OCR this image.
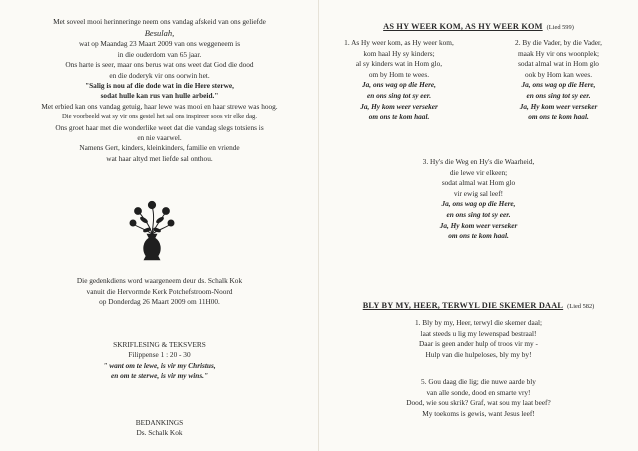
Met soveel mooi herinneringe neem ons vandag afskeid van ons geliefde
Besulah,
wat op Maandag 23 Maart 2009 van ons weggeneem is
in die ouderdom van 65 jaar.
Ons harte is seer, maar ons berus wat ons weet dat God die dood
en die doderyk vir ons oorwin het.
"Salig is nou af die dode wat in die Here sterwe,
sodat hulle kan rus van hulle arbeid."
Met erbied kan ons vandag getuig, haar lewe was mooi en haar strewe was hoog.
Die voorbeeld wat sy vir ons gestel het sal ons inspireer soos vir elke dag.
Ons groet haar met die wonderlike weet dat die vandag slegs totsiens is
en nie vaarwel.
Namens Gert, kinders, kleinkinders, familie en vriende
wat haar altyd met liefde sal onthou.
Die gedenkdiens word waargeneem deur ds. Schalk Kok
vanuit die Hervormde Kerk Potchefstroom-Noord
op Donderdag 26 Maart 2009 om 11H00.
SKRIFLESING & TEKSVERS
Filippense 1 : 20 - 30
" want om te lewe, is vir my Christus,
en om te sterwe, is vir my wins."
BEDANKINGS
Ds. Schalk Kok
AS HY WEER KOM, AS HY WEER KOM (Lied 599)
1. As Hy weer kom, as Hy weer kom,
kom haal Hy sy kinders;
al sy kinders wat in Hom glo,
om by Hom te wees.
Ja, ons wag op die Here,
en ons sing tot sy eer.
Ja, Hy kom weer verseker
om ons te kom haal.
2. By die Vader, by die Vader,
maak Hy vir ons woonplek;
sodat almal wat in Hom glo
ook by Hom kan wees.
Ja, ons wag op die Here,
en ons sing tot sy eer.
Ja, Hy kom weer verseker
om ons te kom haal.
3. Hy's die Weg en Hy's die Waarheid,
die lewe vir elkeen;
sodat almal wat Hom glo
vir ewig sal leef!
Ja, ons wag op die Here,
en ons sing tot sy eer.
Ja, Hy kom weer verseker
om ons te kom haal.
BLY BY MY, HEER, TERWYL DIE SKEMER DAAL (Lied 582)
1. Bly by my, Heer, terwyl die skemer daal;
laat steeds u lig my lewenspad bestraal!
Daar is geen ander hulp of troos vir my -
Hulp van die hulpeloses, bly my by!
5. Gou daag die lig; die nuwe aarde bly
van alle sonde, dood en smarte vry!
Dood, wie sou skrik? Graf, wat sou my laat beef?
My toekoms is gewis, want Jesus leef!
